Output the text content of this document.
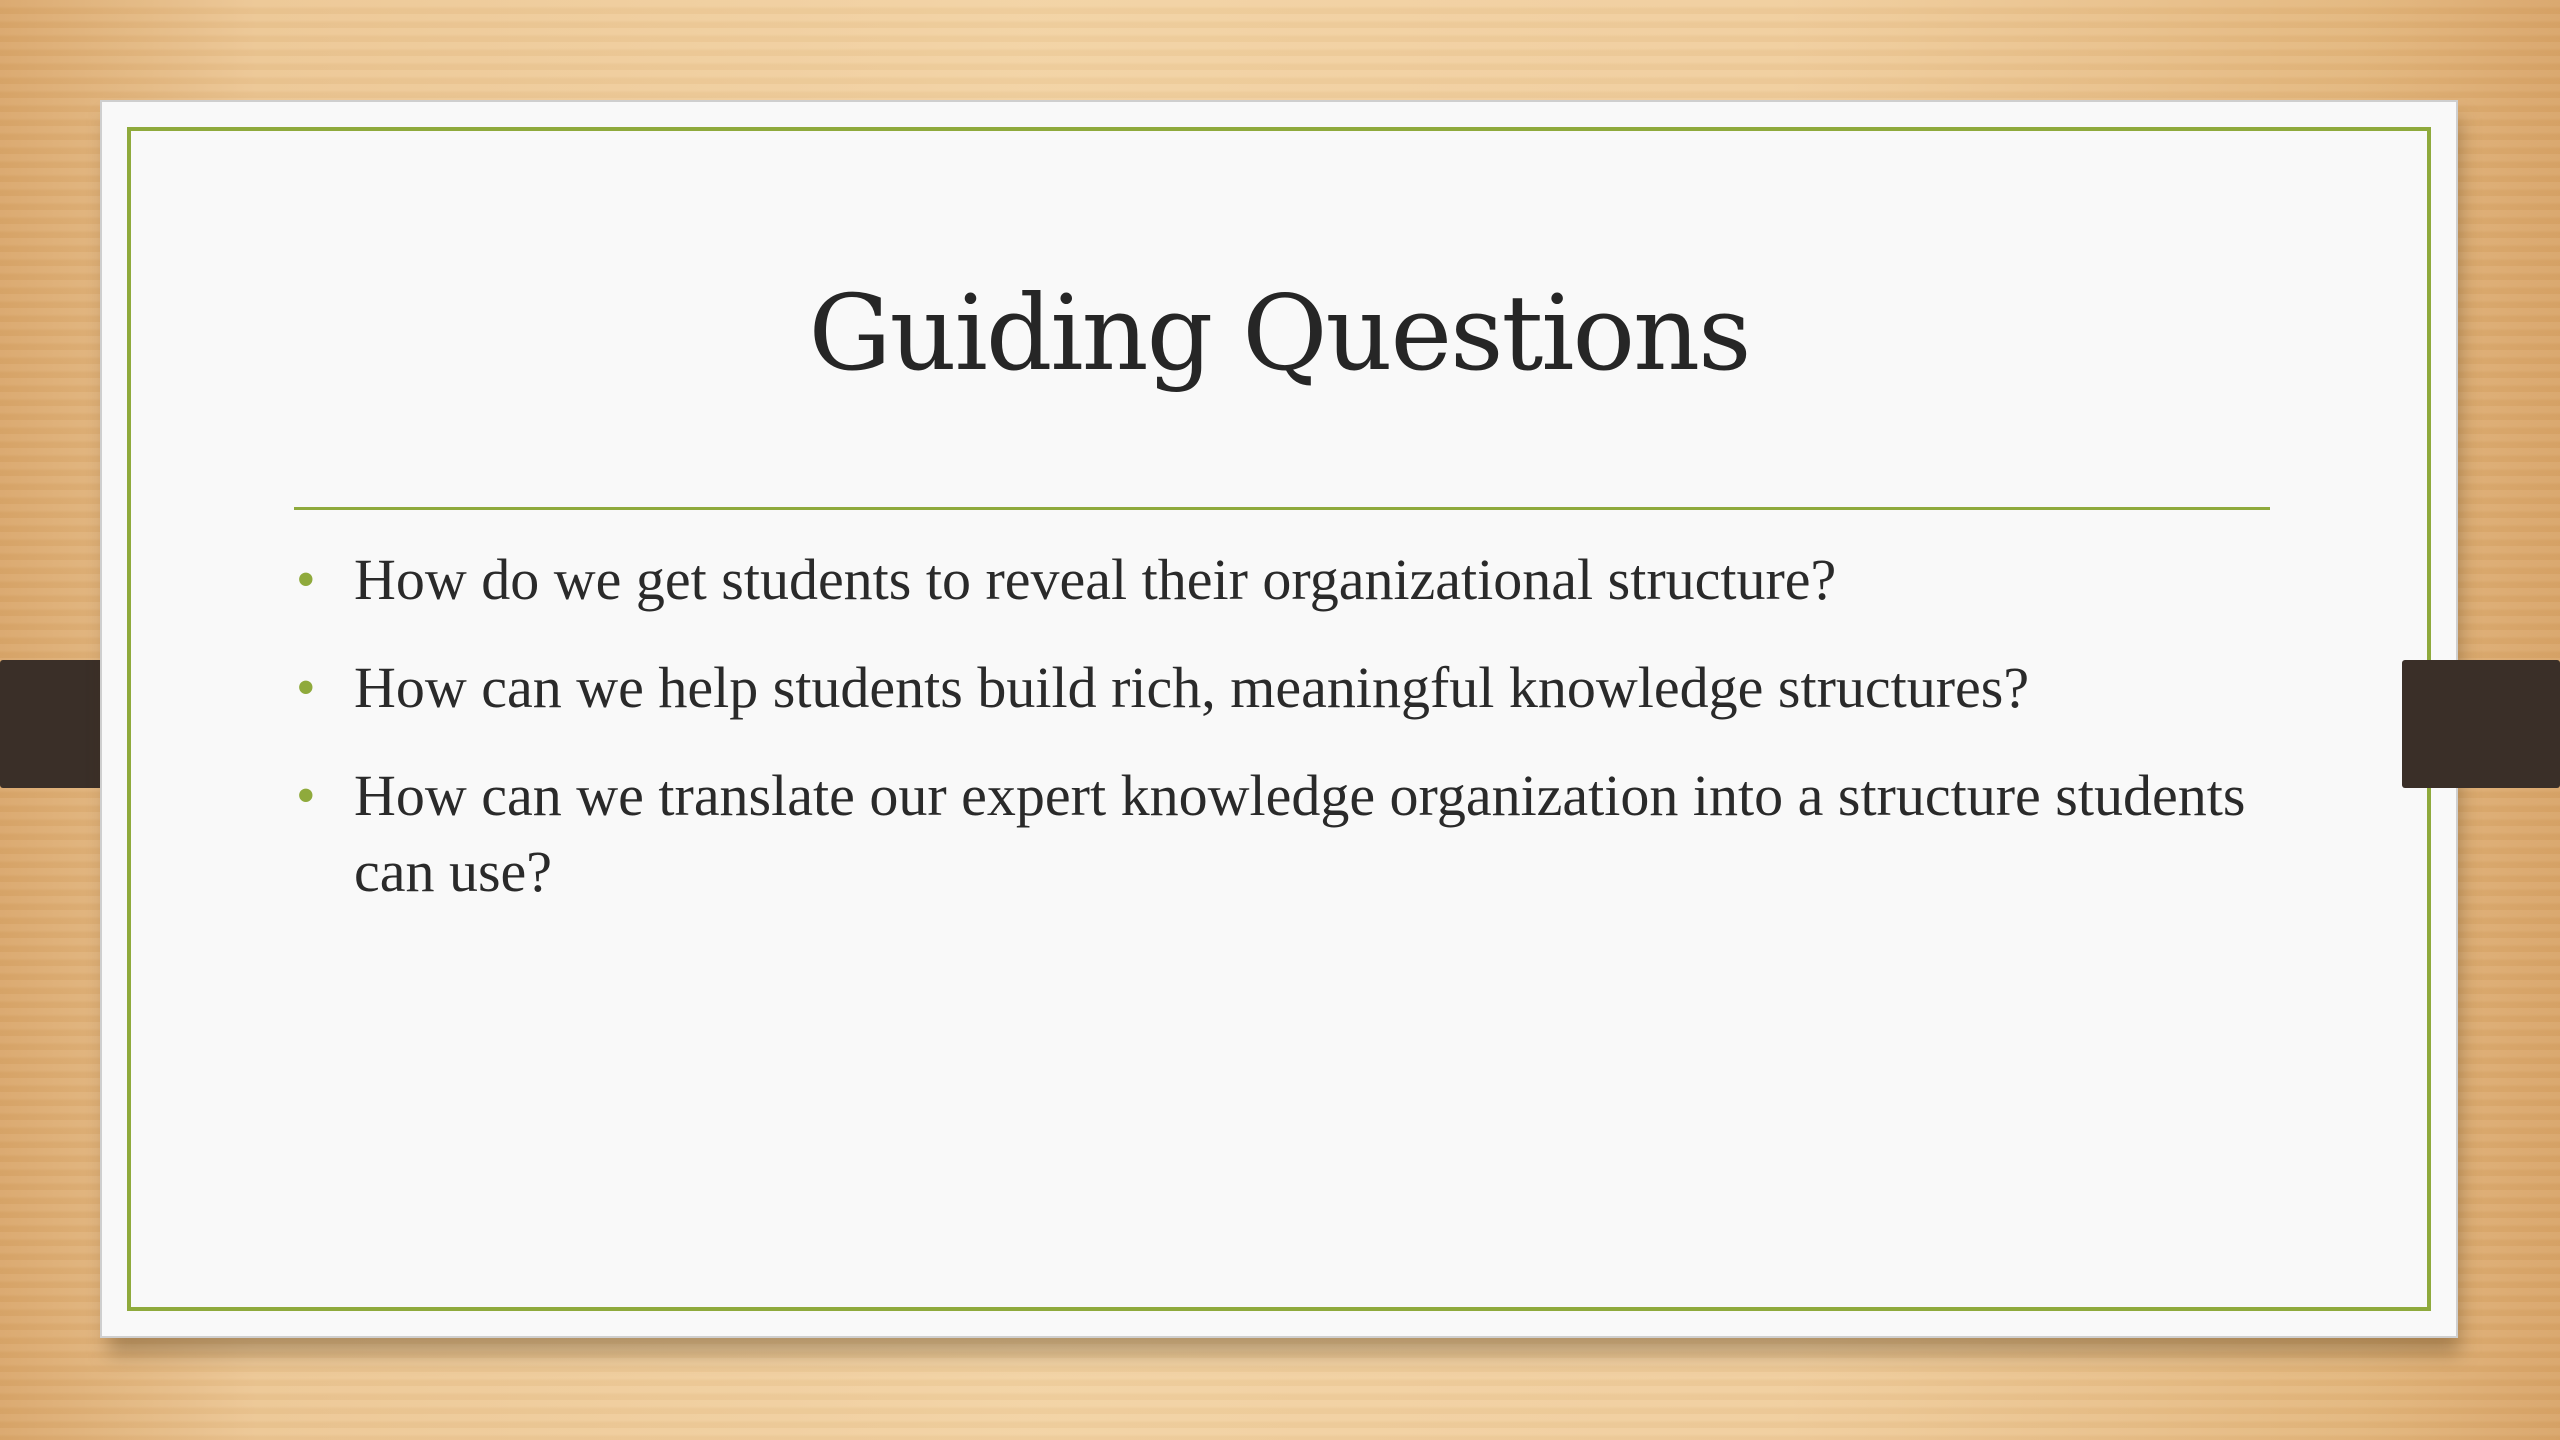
Guiding Questions
• How do we get students to reveal their organizational structure?
• How can we help students build rich, meaningful knowledge structures?
• How can we translate our expert knowledge organization into a structure students can use?
